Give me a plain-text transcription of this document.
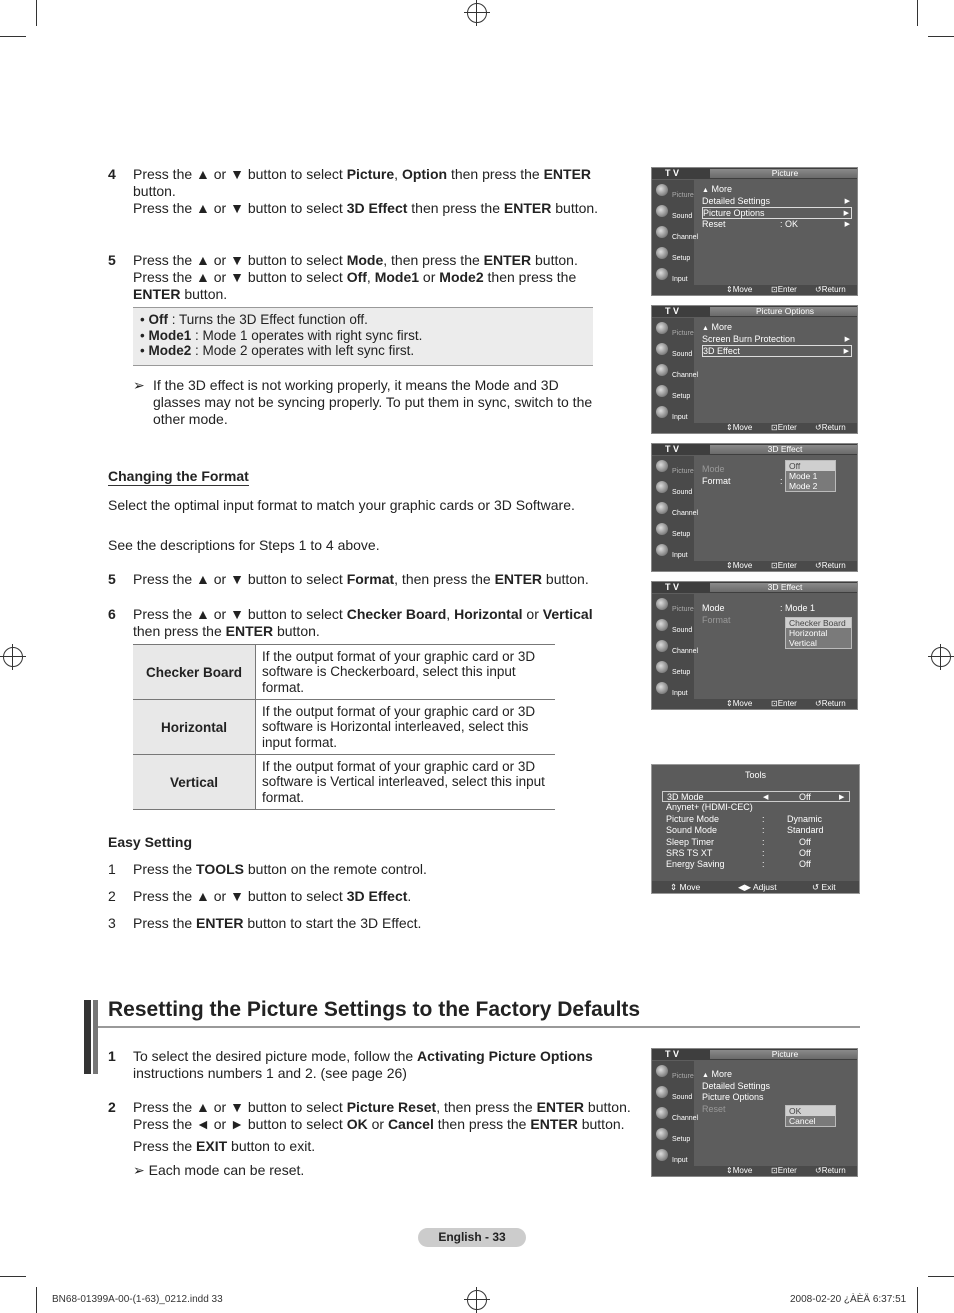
4 Press the ▲ or ▼ button to select Picture, Option then press the ENTER
button.
Press the ▲ or ▼ button to select 3D Effect then press the ENTER button.
5 Press the ▲ or ▼ button to select Mode, then press the ENTER button.
Press the ▲ or ▼ button to select Off, Mode1 or Mode2 then press the
ENTER button.
• Off : Turns the 3D Effect function off.
• Mode1 : Mode 1 operates with right sync first.
• Mode2 : Mode 2 operates with left sync first.
➢ If the 3D effect is not working properly, it means the Mode and 3D glasses may not be syncing properly. To put them in sync, switch to the other mode.
Changing the Format
Select the optimal input format to match your graphic cards or 3D Software.
See the descriptions for Steps 1 to 4 above.
5 Press the ▲ or ▼ button to select Format, then press the ENTER button.
6 Press the ▲ or ▼ button to select Checker Board, Horizontal or Vertical
then press the ENTER button.
Checker Board	If the output format of your graphic card or 3D software is Checkerboard, select this input format.
Horizontal	If the output format of your graphic card or 3D software is Horizontal interleaved, select this input format.
Vertical	If the output format of your graphic card or 3D software is Vertical interleaved, select this input format.
Easy Setting
1 Press the TOOLS button on the remote control.
2 Press the ▲ or ▼ button to select 3D Effect.
3 Press the ENTER button to start the 3D Effect.
Resetting the Picture Settings to the Factory Defaults
1 To select the desired picture mode, follow the Activating Picture Options
instructions numbers 1 and 2. (see page 26)
2 Press the ▲ or ▼ button to select Picture Reset, then press the ENTER button.
Press the ◄ or ► button to select OK or Cancel then press the ENTER button.
Press the EXIT button to exit.
➢ Each mode can be reset.
T V	Picture
Picture
Sound
Channel
Setup
Input
▲ More
Detailed Settings	▶
Picture Options	▶
Reset	: OK	▶
⇕ Move ⊡ Enter ↺ Return
T V	Picture Options
Picture
Sound
Channel
Setup
Input
▲ More
Screen Burn Protection	▶
3D Effect	▶
⇕ Move ⊡ Enter ↺ Return
T V	3D Effect
Picture
Sound
Channel
Setup
Input
Mode
Format	:
Off
Mode 1
Mode 2
⇕ Move ⊡ Enter ↺ Return
T V	3D Effect
Picture
Sound
Channel
Setup
Input
Mode	: Mode 1
Format	Checker Board
Horizontal
Vertical
⇕ Move ⊡ Enter ↺ Return
Tools
3D Mode	◀	Off	▶
Anynet+ (HDMI-CEC)
Picture Mode	: Dynamic
Sound Mode	: Standard
Sleep Timer	:	Off
SRS TS XT	:	Off
Energy Saving	:	Off
⇕ Move	◀▶ Adjust	↺ Exit
T V	Picture
Picture
Sound
Channel
Setup
Input
▲ More
Detailed Settings
Picture Options
Reset	OK
Cancel
⇕ Move ⊡ Enter ↺ Return
English - 33
BN68-01399A-00-(1-63)_0212.indd 33	2008-02-20 ¿ÀÈÄ 6:37:51
